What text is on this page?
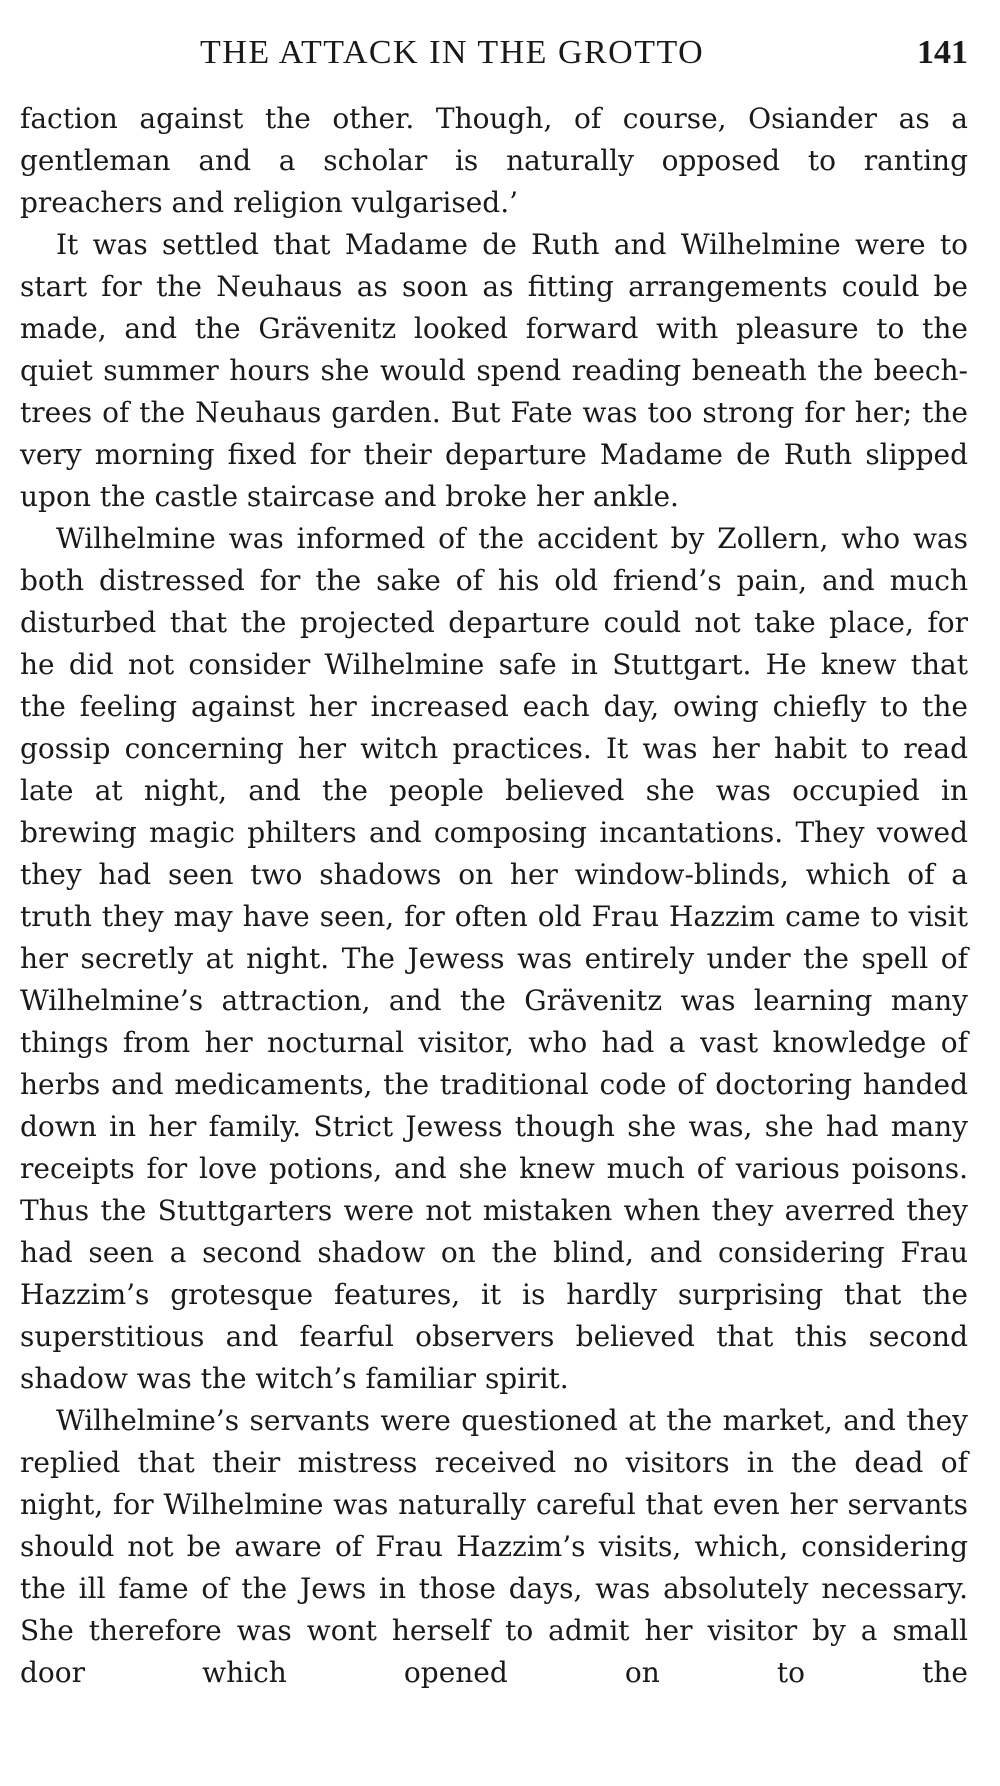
THE ATTACK IN THE GROTTO	141

faction against the other. Though, of course, Osiander as a gentleman and a scholar is naturally opposed to ranting preachers and religion vulgarised.’

It was settled that Madame de Ruth and Wilhelmine were to start for the Neuhaus as soon as fitting arrangements could be made, and the Grävenitz looked forward with pleasure to the quiet summer hours she would spend reading beneath the beech-trees of the Neuhaus garden. But Fate was too strong for her; the very morning fixed for their departure Madame de Ruth slipped upon the castle staircase and broke her ankle.

Wilhelmine was informed of the accident by Zollern, who was both distressed for the sake of his old friend’s pain, and much disturbed that the projected departure could not take place, for he did not consider Wilhelmine safe in Stuttgart. He knew that the feeling against her increased each day, owing chiefly to the gossip concerning her witch practices. It was her habit to read late at night, and the people believed she was occupied in brewing magic philters and composing incantations. They vowed they had seen two shadows on her window-blinds, which of a truth they may have seen, for often old Frau Hazzim came to visit her secretly at night. The Jewess was entirely under the spell of Wilhelmine’s attraction, and the Grävenitz was learning many things from her nocturnal visitor, who had a vast knowledge of herbs and medicaments, the traditional code of doctoring handed down in her family. Strict Jewess though she was, she had many receipts for love potions, and she knew much of various poisons. Thus the Stuttgarters were not mistaken when they averred they had seen a second shadow on the blind, and considering Frau Hazzim’s grotesque features, it is hardly surprising that the superstitious and fearful observers believed that this second shadow was the witch’s familiar spirit.

Wilhelmine’s servants were questioned at the market, and they replied that their mistress received no visitors in the dead of night, for Wilhelmine was naturally careful that even her servants should not be aware of Frau Hazzim’s visits, which, considering the ill fame of the Jews in those days, was absolutely necessary. She therefore was wont herself to admit her visitor by a small door which opened on to the
